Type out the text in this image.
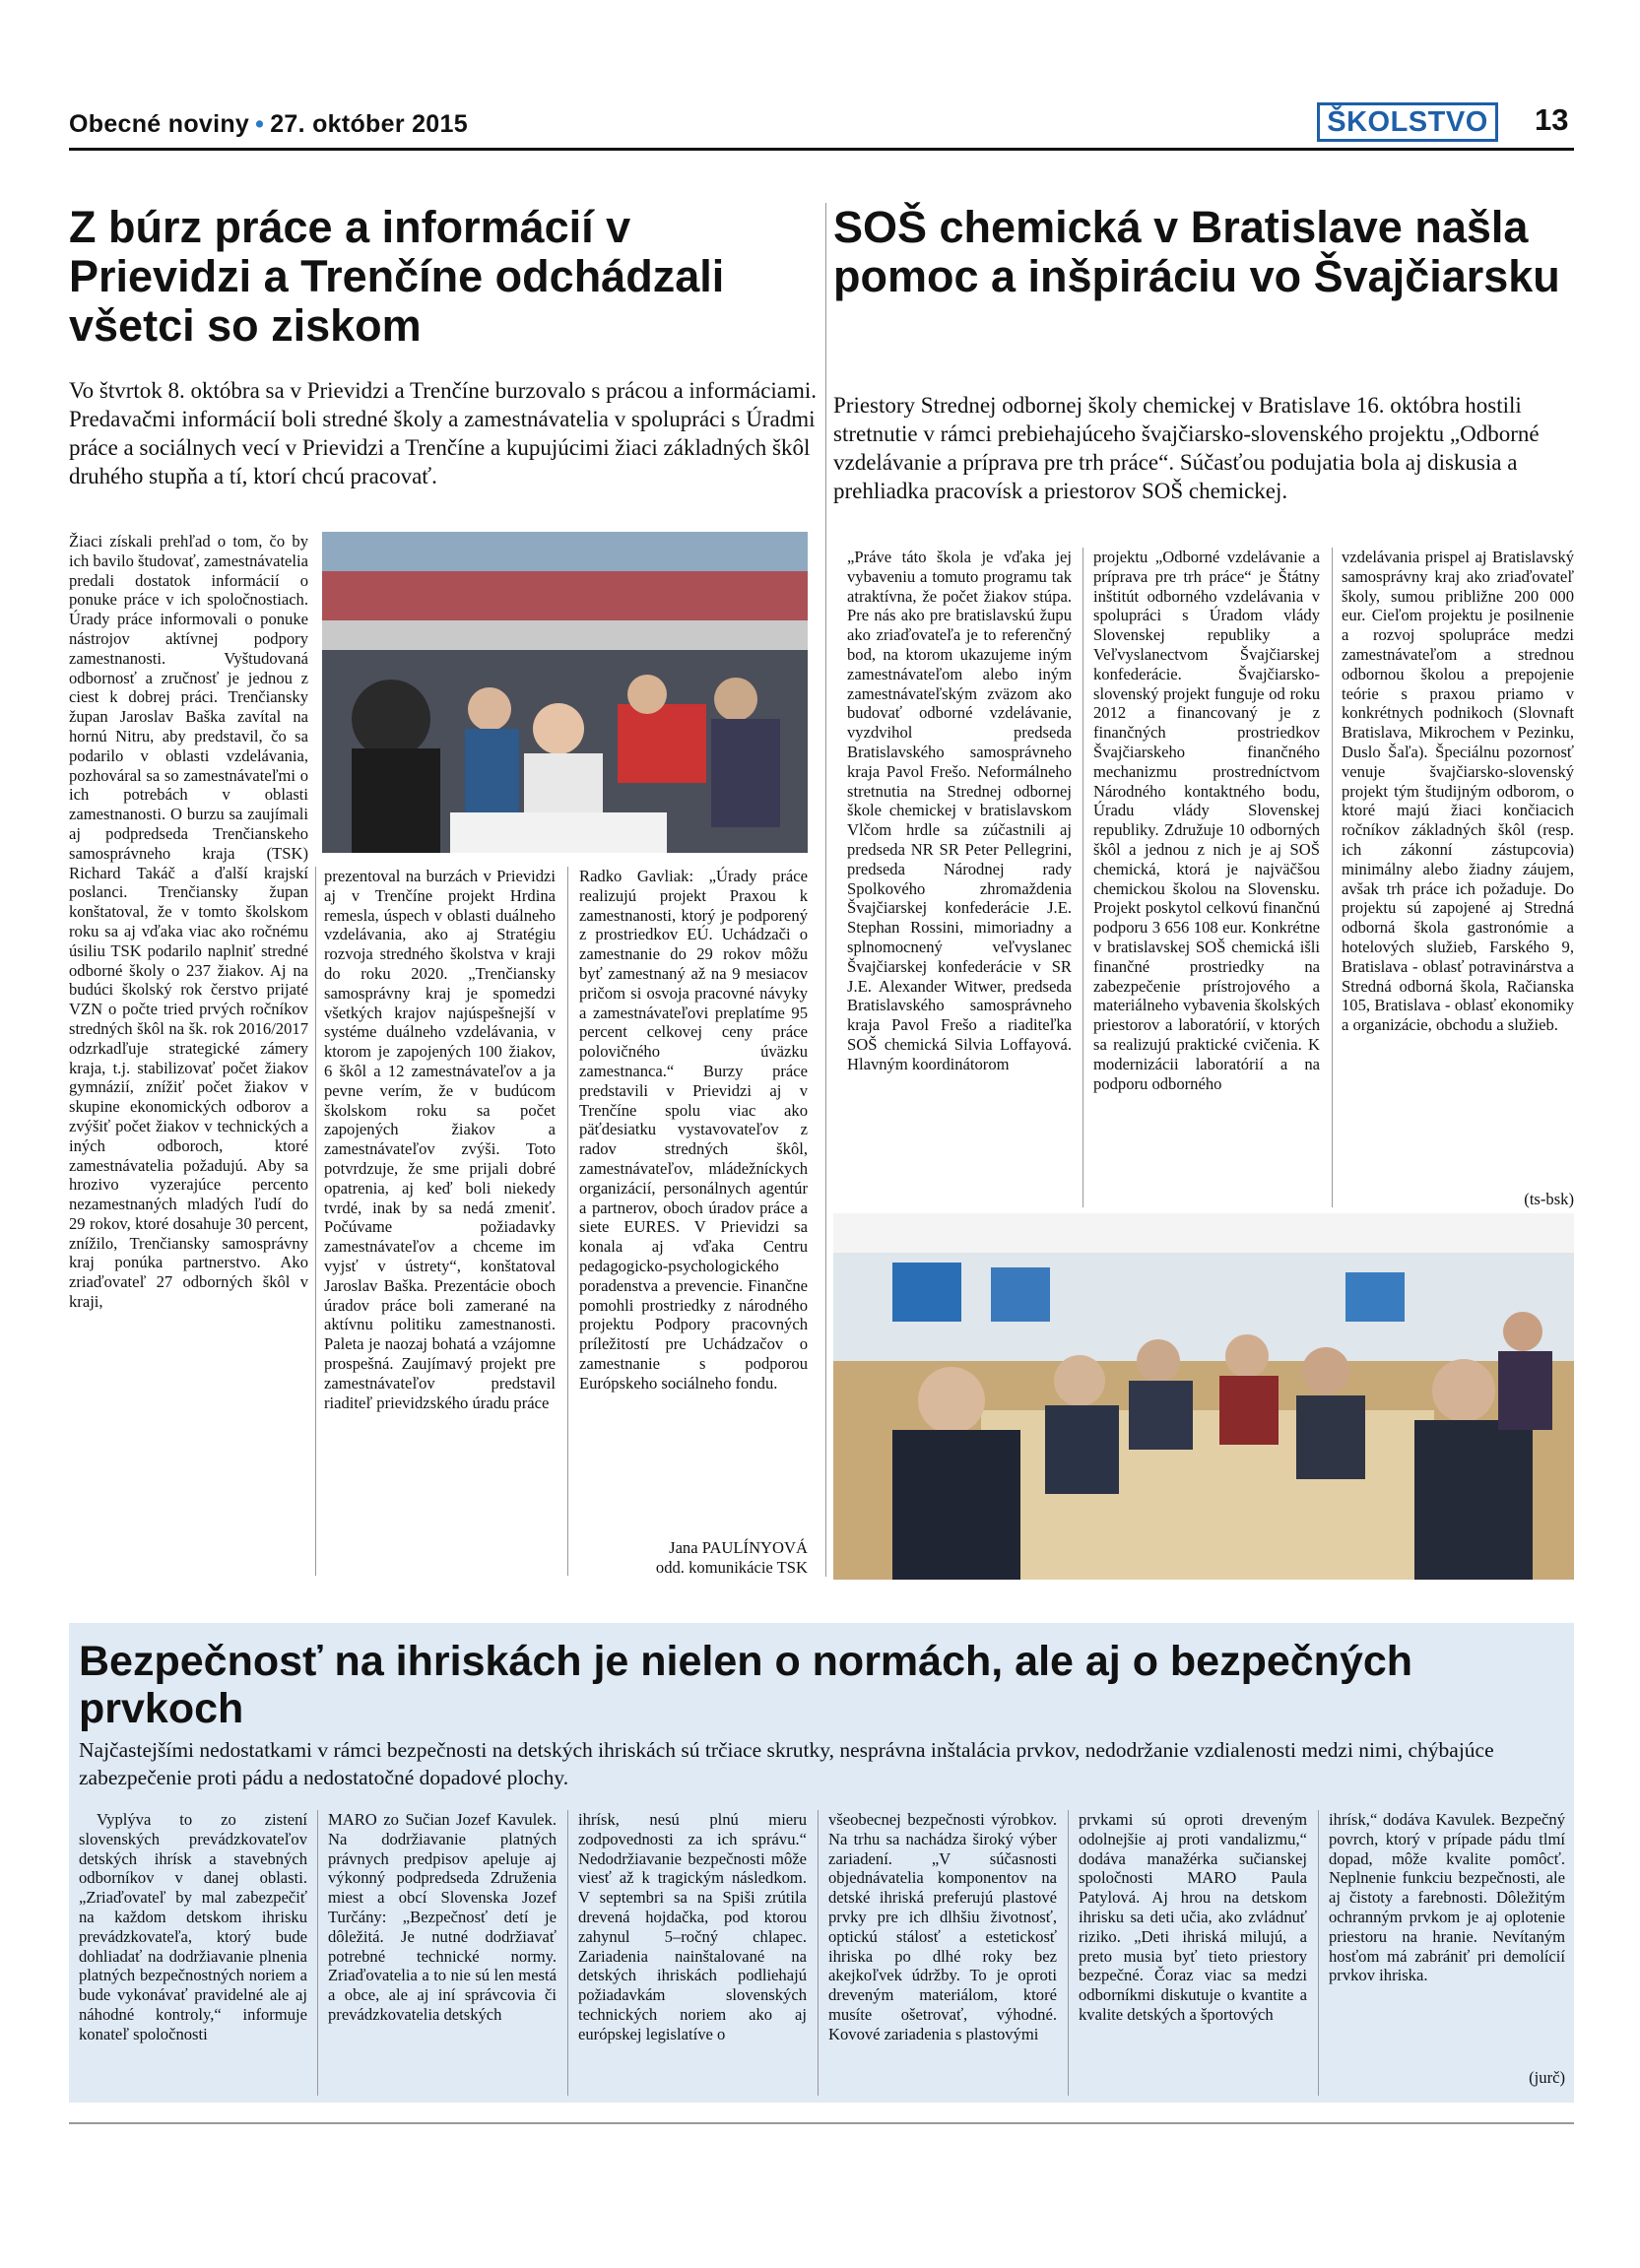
Obecné noviny • 27. október 2015	ŠKOLSTVO	13
Z búrz práce a informácií v Prievidzi a Trenčíne odchádzali všetci so ziskom
Vo štvrtok 8. októbra sa v Prievidzi a Trenčíne burzovalo s prácou a informáciami. Predavačmi informácií boli stredné školy a zamestnávatelia v spolupráci s Úradmi práce a sociálnych vecí v Prievidzi a Trenčíne a kupujúcimi žiaci základných škôl druhého stupňa a tí, ktorí chcú pracovať.

Žiaci získali prehľad o tom, čo by ich bavilo študovať, zamestnávatelia predali dostatok informácií o ponuke práce v ich spoločnostiach. Úrady práce informovali o ponuke nástrojov aktívnej podpory zamestnanosti. Vyštudovaná odbornosť a zručnosť je jednou z ciest k dobrej práci. Trenčiansky župan Jaroslav Baška zavítal na hornú Nitru, aby predstavil, čo sa podarilo v oblasti vzdelávania, pozhováral sa so zamestnávateľmi o ich potrebách v oblasti zamestnanosti. O burzu sa zaujímali aj podpredseda Trenčianskeho samosprávneho kraja (TSK) Richard Takáč a ďalší krajskí poslanci. Trenčiansky župan konštatoval, že v tomto školskom roku sa aj vďaka viac ako ročnému úsiliu TSK podarilo naplniť stredné odborné školy o 237 žiakov. Aj na budúci školský rok čerstvo prijaté VZN o počte tried prvých ročníkov stredných škôl na šk. rok 2016/2017 odzrkadľuje strategické zámery kraja, t.j. stabilizovať počet žiakov gymnázií, znížiť počet žiakov v skupine ekonomických odborov a zvýšiť počet žiakov v technických a iných odboroch, ktoré zamestnávatelia požadujú. Aby sa hrozivo vyzerajúce percento nezamestnaných mladých ľudí do 29 rokov, ktoré dosahuje 30 percent, znížilo, Trenčiansky samosprávny kraj ponúka partnerstvo. Ako zriaďovateľ 27 odborných škôl v kraji,

prezentoval na burzách v Prievidzi aj v Trenčíne projekt Hrdina remesla, úspech v oblasti duálneho vzdelávania, ako aj Stratégiu rozvoja stredného školstva v kraji do roku 2020. „Trenčiansky samosprávny kraj je spomedzi všetkých krajov najúspešnejší v systéme duálneho vzdelávania, v ktorom je zapojených 100 žiakov, 6 škôl a 12 zamestnávateľov a ja pevne verím, že v budúcom školskom roku sa počet zapojených žiakov a zamestnávateľov zvýši. Toto potvrdzuje, že sme prijali dobré opatrenia, aj keď boli niekedy tvrdé, inak by sa nedá zmeniť. Počúvame požiadavky zamestnávateľov a chceme im vyjsť v ústrety“, konštatoval Jaroslav Baška. Prezentácie oboch úradov práce boli zamerané na aktívnu politiku zamestnanosti. Paleta je naozaj bohatá a vzájomne prospešná. Zaujímavý projekt pre zamestnávateľov predstavil riaditeľ prievidzského úradu práce

Radko Gavliak: „Úrady práce realizujú projekt Praxou k zamestnanosti, ktorý je podporený z prostriedkov EÚ. Uchádzači o zamestnanie do 29 rokov môžu byť zamestnaný až na 9 mesiacov pričom si osvoja pracovné návyky a zamestnávateľovi preplatíme 95 percent celkovej ceny práce polovičného úväzku zamestnanca.“ Burzy práce predstavili v Prievidzi aj v Trenčíne spolu viac ako päťdesiatku vystavovateľov z radov stredných škôl, zamestnávateľov, mládežníckych organizácií, personálnych agentúr a partnerov, oboch úradov práce a siete EURES. V Prievidzi sa konala aj vďaka Centru pedagogicko-psychologického poradenstva a prevencie. Finančne pomohli prostriedky z národného projektu Podpory pracovných príležitostí pre Uchádzačov o zamestnanie s podporou Európskeho sociálneho fondu.

Jana PAULÍNYOVÁ

odd. komunikácie TSK

SOŠ chemická v Bratislave našla pomoc a inšpiráciu vo Švajčiarsku
Priestory Strednej odbornej školy chemickej v Bratislave 16. októbra hostili stretnutie v rámci prebiehajúceho švajčiarsko-slovenského projektu „Odborné vzdelávanie a príprava pre trh práce“. Súčasťou podujatia bola aj diskusia a prehliadka pracovísk a priestorov SOŠ chemickej.

„Práve táto škola je vďaka jej vybaveniu a tomuto programu tak atraktívna, že počet žiakov stúpa. Pre nás ako pre bratislavskú župu ako zriaďovateľa je to referenčný bod, na ktorom ukazujeme iným zamestnávateľom alebo iným zamestnávateľským zväzom ako budovať odborné vzdelávanie, vyzdvihol predseda Bratislavského samosprávneho kraja Pavol Frešo. Neformálneho stretnutia na Strednej odbornej škole chemickej v bratislavskom Vlčom hrdle sa zúčastnili aj predseda NR SR Peter Pellegrini, predseda Národnej rady Spolkového zhromaždenia Švajčiarskej konfederácie J.E. Stephan Rossini, mimoriadny a splnomocnený veľvyslanec Švajčiarskej konfederácie v SR J.E. Alexander Witwer, predseda Bratislavského samosprávneho kraja Pavol Frešo a riaditeľka SOŠ chemická Silvia Loffayová. Hlavným koordinátorom

projektu „Odborné vzdelávanie a príprava pre trh práce“ je Štátny inštitút odborného vzdelávania v spolupráci s Úradom vlády Slovenskej republiky a Veľvyslanectvom Švajčiarskej konfederácie. Švajčiarsko-slovenský projekt funguje od roku 2012 a financovaný je z finančných prostriedkov Švajčiarskeho finančného mechanizmu prostredníctvom Národného kontaktného bodu, Úradu vlády Slovenskej republiky. Združuje 10 odborných škôl a jednou z nich je aj SOŠ chemická, ktorá je najväčšou chemickou školou na Slovensku. Projekt poskytol celkovú finančnú podporu 3 656 108 eur. Konkrétne v bratislavskej SOŠ chemická išli finančné prostriedky na zabezpečenie prístrojového a materiálneho vybavenia školských priestorov a laboratórií, v ktorých sa realizujú praktické cvičenia. K modernizácii laboratórií a na podporu odborného

vzdelávania prispel aj Bratislavský samosprávny kraj ako zriaďovateľ školy, sumou približne 200 000 eur. Cieľom projektu je posilnenie a rozvoj spolupráce medzi zamestnávateľom a strednou odbornou školou a prepojenie teórie s praxou priamo v konkrétnych podnikoch (Slovnaft Bratislava, Mikrochem v Pezinku, Duslo Šaľa). Špeciálnu pozornosť venuje švajčiarsko-slovenský projekt tým študijným odborom, o ktoré majú žiaci končiacich ročníkov základných škôl (resp. ich zákonní zástupcovia) minimálny alebo žiadny záujem, avšak trh práce ich požaduje. Do projektu sú zapojené aj Stredná odborná škola gastronómie a hotelových služieb, Farského 9, Bratislava - oblasť potravinárstva a Stredná odborná škola, Račianska 105, Bratislava - oblasť ekonomiky a organizácie, obchodu a služieb.

(ts-bsk)

Bezpečnosť na ihriskách je nielen o normách, ale aj o bezpečných prvkoch
Najčastejšími nedostatkami v rámci bezpečnosti na detských ihriskách sú trčiace skrutky, nesprávna inštalácia prvkov, nedodržanie vzdialenosti medzi nimi, chýbajúce zabezpečenie proti pádu a nedostatočné dopadové plochy.

Vyplýva to zo zistení slovenských prevádzkovateľov detských ihrísk a stavebných odborníkov v danej oblasti. „Zriaďovateľ by mal zabezpečiť na každom detskom ihrisku prevádzkovateľa, ktorý bude dohliadať na dodržiavanie plnenia platných bezpečnostných noriem a bude vykonávať pravidelné ale aj náhodné kontroly,“ informuje konateľ spoločnosti

MARO zo Sučian Jozef Kavulek. Na dodržiavanie platných právnych predpisov apeluje aj výkonný podpredseda Združenia miest a obcí Slovenska Jozef Turčány: „Bezpečnosť detí je dôležitá. Je nutné dodržiavať potrebné technické normy. Zriaďovatelia a to nie sú len mestá a obce, ale aj iní správcovia či prevádzkovatelia detských

ihrísk, nesú plnú mieru zodpovednosti za ich správu.“ Nedodržiavanie bezpečnosti môže viesť až k tragickým následkom. V septembri sa na Spiši zrútila drevená hojdačka, pod ktorou zahynul 5–ročný chlapec. Zariadenia nainštalované na detských ihriskách podliehajú požiadavkám slovenských technických noriem ako aj európskej legislatíve o

všeobecnej bezpečnosti výrobkov. Na trhu sa nachádza široký výber zariadení. „V súčasnosti objednávatelia komponentov na detské ihriská preferujú plastové prvky pre ich dlhšiu životnosť, optickú stálosť a estetickosť ihriska po dlhé roky bez akejkoľvek údržby. To je oproti dreveným materiálom, ktoré musíte ošetrovať, výhodné. Kovové zariadenia s plastovými

prvkami sú oproti dreveným odolnejšie aj proti vandalizmu,“ dodáva manažérka sučianskej spoločnosti MARO Paula Patylová. Aj hrou na detskom ihrisku sa deti učia, ako zvládnuť riziko. „Deti ihriská milujú, a preto musia byť tieto priestory bezpečné. Čoraz viac sa medzi odborníkmi diskutuje o kvantite a kvalite detských a športových

ihrísk,“ dodáva Kavulek. Bezpečný povrch, ktorý v prípade pádu tlmí dopad, môže kvalite pomôcť. Neplnenie funkciu bezpečnosti, ale aj čistoty a farebnosti. Dôležitým ochranným prvkom je aj oplotenie priestoru na hranie. Nevítaným hosťom má zabrániť pri demolícií prvkov ihriska.

(jurč)
